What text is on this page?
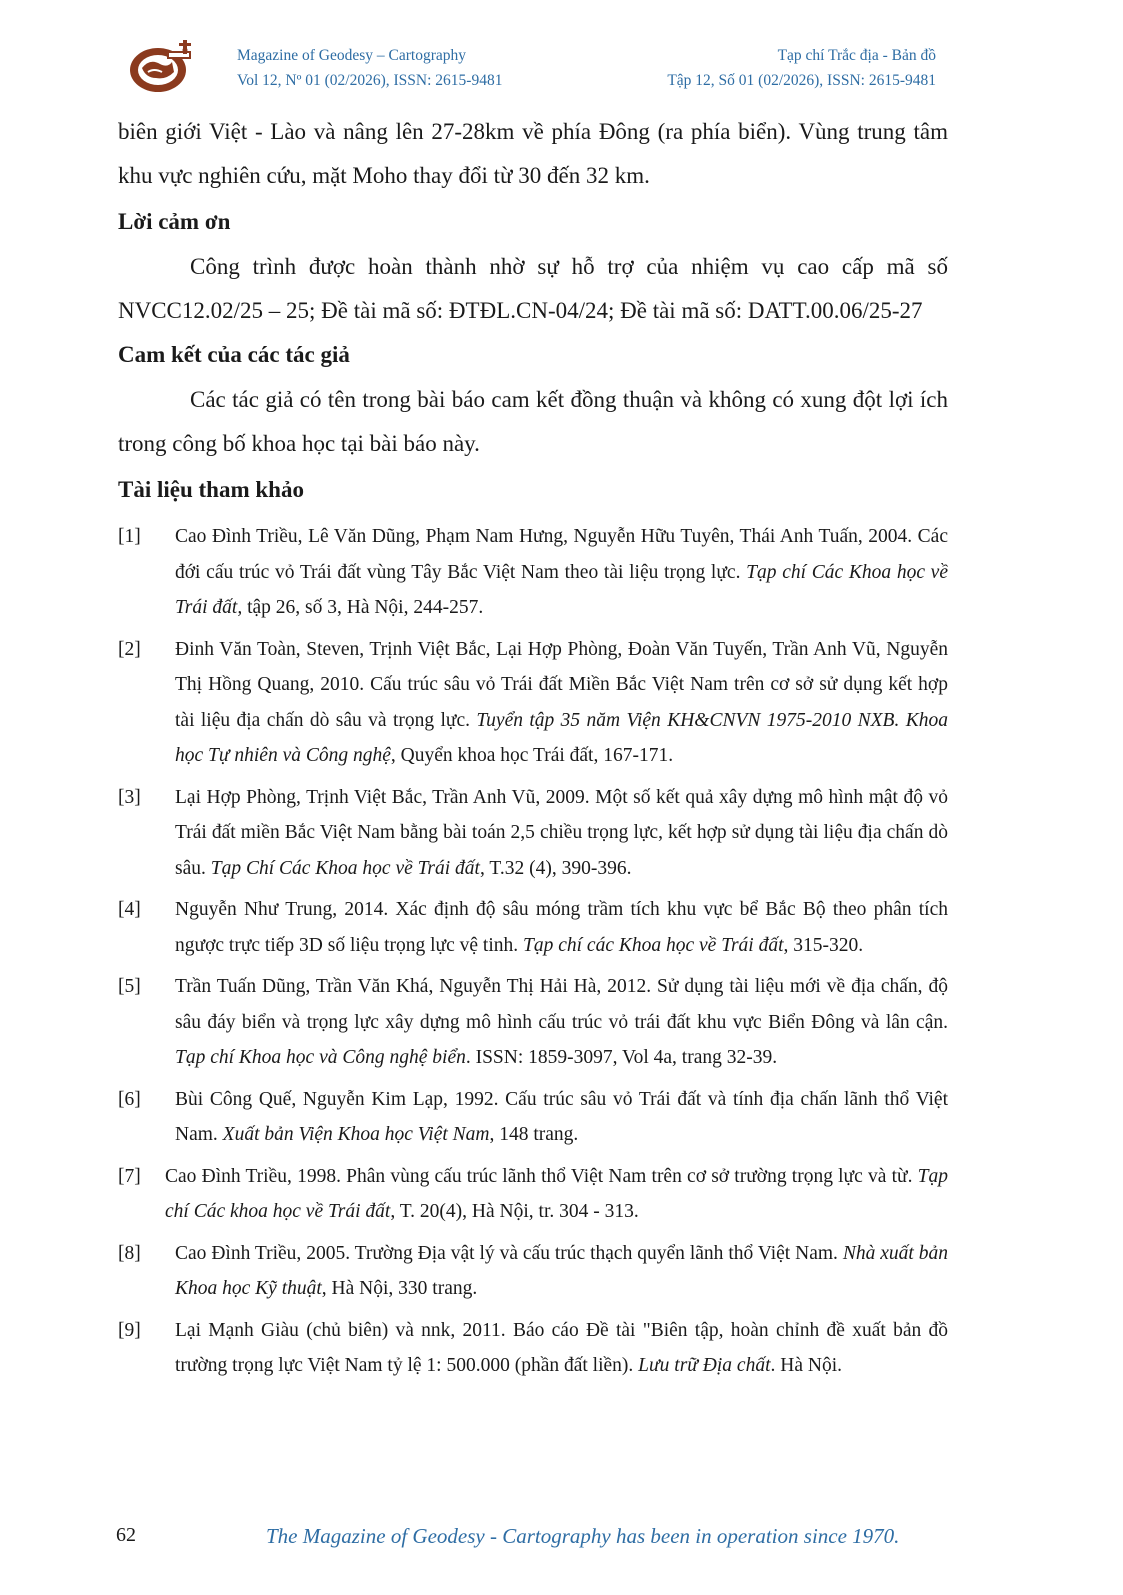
Magazine of Geodesy – Cartography
Vol 12, Nº 01 (02/2026), ISSN: 2615-9481
Tạp chí Trắc địa - Bản đồ
Tập 12, Số 01 (02/2026), ISSN: 2615-9481

biên giới Việt - Lào và nâng lên 27-28km về phía Đông (ra phía biển). Vùng trung tâm khu vực nghiên cứu, mặt Moho thay đổi từ 30 đến 32 km.

Lời cảm ơn

Công trình được hoàn thành nhờ sự hỗ trợ của nhiệm vụ cao cấp mã số NVCC12.02/25 – 25; Đề tài mã số: ĐTĐL.CN-04/24; Đề tài mã số: DATT.00.06/25-27

Cam kết của các tác giả

Các tác giả có tên trong bài báo cam kết đồng thuận và không có xung đột lợi ích trong công bố khoa học tại bài báo này.

Tài liệu tham khảo

[1] Cao Đình Triều, Lê Văn Dũng, Phạm Nam Hưng, Nguyễn Hữu Tuyên, Thái Anh Tuấn, 2004. Các đới cấu trúc vỏ Trái đất vùng Tây Bắc Việt Nam theo tài liệu trọng lực. Tạp chí Các Khoa học về Trái đất, tập 26, số 3, Hà Nội, 244-257.
[2] Đinh Văn Toàn, Steven, Trịnh Việt Bắc, Lại Hợp Phòng, Đoàn Văn Tuyến, Trần Anh Vũ, Nguyễn Thị Hồng Quang, 2010. Cấu trúc sâu vỏ Trái đất Miền Bắc Việt Nam trên cơ sở sử dụng kết hợp tài liệu địa chấn dò sâu và trọng lực. Tuyển tập 35 năm Viện KH&CNVN 1975-2010 NXB. Khoa học Tự nhiên và Công nghệ, Quyển khoa học Trái đất, 167-171.
[3] Lại Hợp Phòng, Trịnh Việt Bắc, Trần Anh Vũ, 2009. Một số kết quả xây dựng mô hình mật độ vỏ Trái đất miền Bắc Việt Nam bằng bài toán 2,5 chiều trọng lực, kết hợp sử dụng tài liệu địa chấn dò sâu. Tạp Chí Các Khoa học về Trái đất, T.32 (4), 390-396.
[4] Nguyễn Như Trung, 2014. Xác định độ sâu móng trầm tích khu vực bể Bắc Bộ theo phân tích ngược trực tiếp 3D số liệu trọng lực vệ tinh. Tạp chí các Khoa học về Trái đất, 315-320.
[5] Trần Tuấn Dũng, Trần Văn Khá, Nguyễn Thị Hải Hà, 2012. Sử dụng tài liệu mới về địa chấn, độ sâu đáy biển và trọng lực xây dựng mô hình cấu trúc vỏ trái đất khu vực Biển Đông và lân cận. Tạp chí Khoa học và Công nghệ biển. ISSN: 1859-3097, Vol 4a, trang 32-39.
[6] Bùi Công Quế, Nguyễn Kim Lạp, 1992. Cấu trúc sâu vỏ Trái đất và tính địa chấn lãnh thổ Việt Nam. Xuất bản Viện Khoa học Việt Nam, 148 trang.
[7] Cao Đình Triều, 1998. Phân vùng cấu trúc lãnh thổ Việt Nam trên cơ sở trường trọng lực và từ. Tạp chí Các khoa học về Trái đất, T. 20(4), Hà Nội, tr. 304 - 313.
[8] Cao Đình Triều, 2005. Trường Địa vật lý và cấu trúc thạch quyển lãnh thổ Việt Nam. Nhà xuất bản Khoa học Kỹ thuật, Hà Nội, 330 trang.
[9] Lại Mạnh Giàu (chủ biên) và nnk, 2011. Báo cáo Đề tài "Biên tập, hoàn chỉnh đề xuất bản đồ trường trọng lực Việt Nam tỷ lệ 1: 500.000 (phần đất liền). Lưu trữ Địa chất. Hà Nội.
62	The Magazine of Geodesy - Cartography has been in operation since 1970.
